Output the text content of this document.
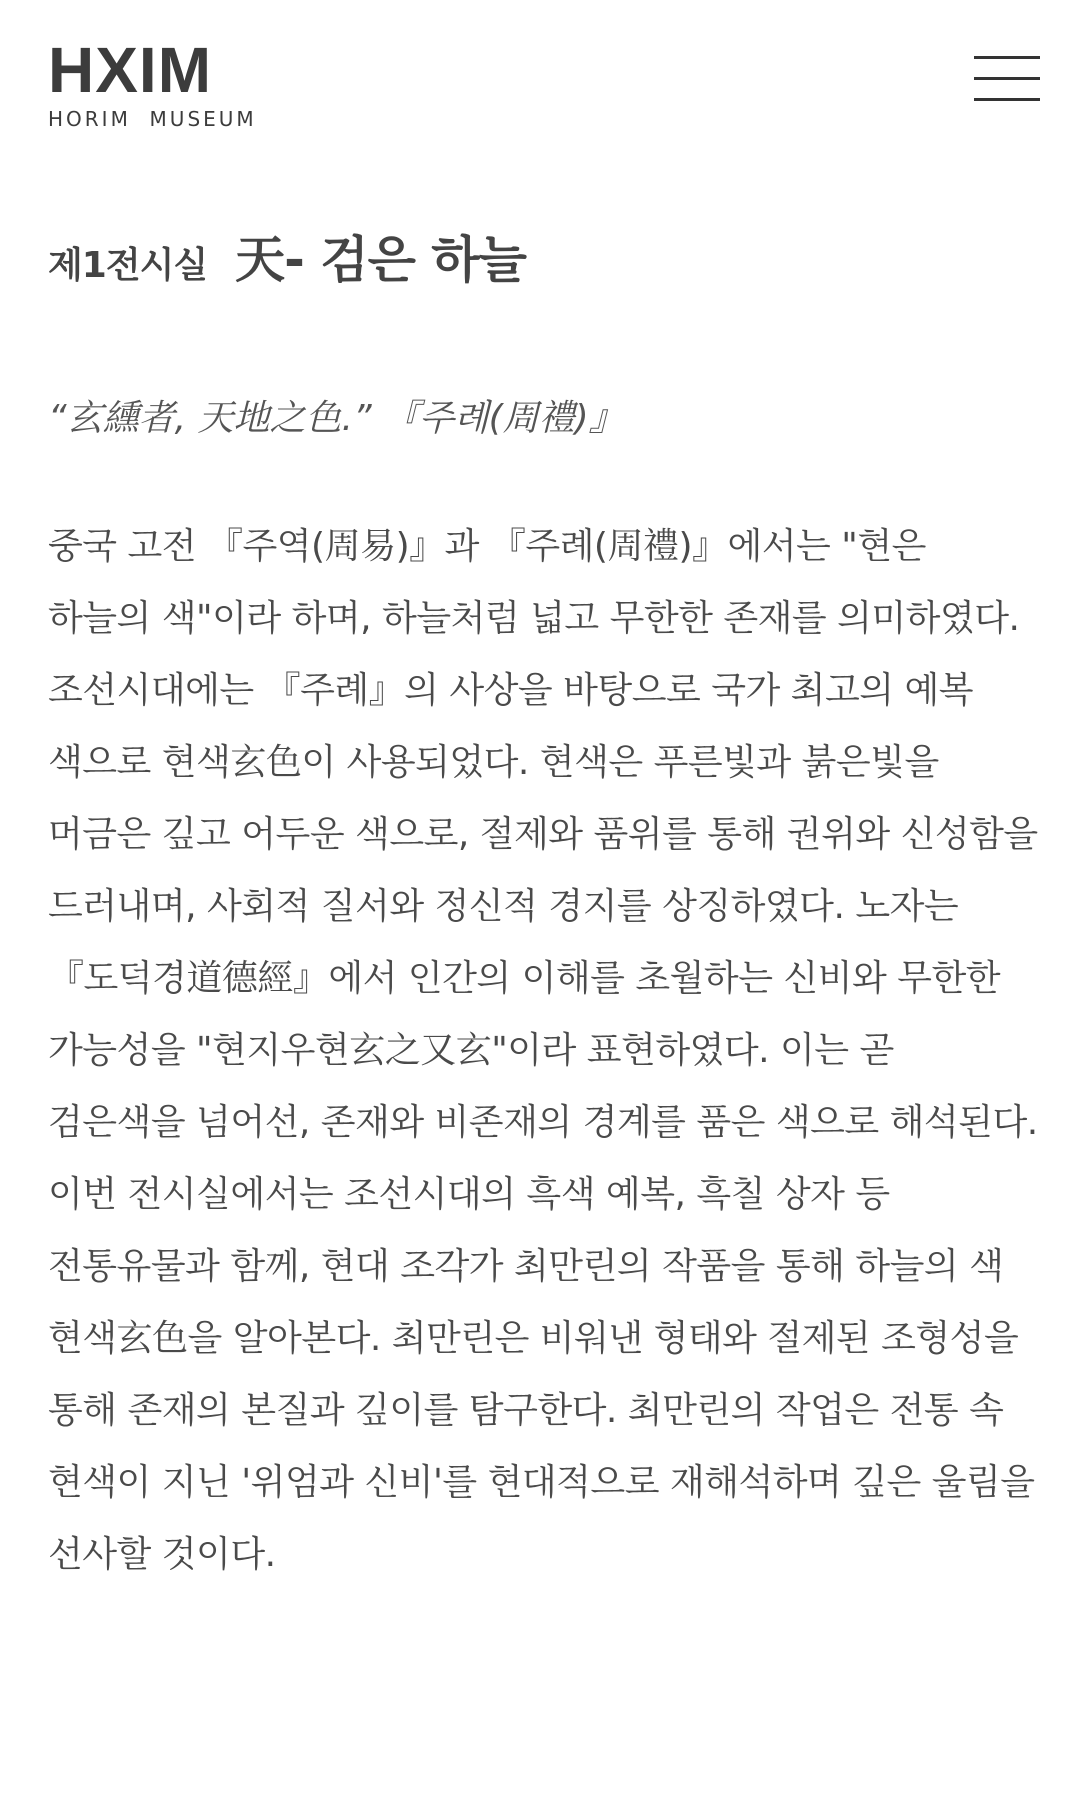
HXIM
HORIM  MUSEUM
제1전시실 天- 검은 하늘

“玄纁者, 天地之色.” 『주례(周禮)』

중국 고전 『주역(周易)』과 『주례(周禮)』에서는 "현은 하늘의 색"이라 하며, 하늘처럼 넓고 무한한 존재를 의미하였다.

조선시대에는 『주례』의 사상을 바탕으로 국가 최고의 예복 색으로 현색玄色이 사용되었다. 현색은 푸른빛과 붉은빛을 머금은 깊고 어두운 색으로, 절제와 품위를 통해 권위와 신성함을 드러내며, 사회적 질서와 정신적 경지를 상징하였다. 노자는 『도덕경道德經』에서 인간의 이해를 초월하는 신비와 무한한 가능성을 "현지우현玄之又玄"이라 표현하였다. 이는 곧 검은색을 넘어선, 존재와 비존재의 경계를 품은 색으로 해석된다.

이번 전시실에서는 조선시대의 흑색 예복, 흑칠 상자 등 전통유물과 함께, 현대 조각가 최만린의 작품을 통해 하늘의 색 현색玄色을 알아본다. 최만린은 비워낸 형태와 절제된 조형성을 통해 존재의 본질과 깊이를 탐구한다. 최만린의 작업은 전통 속 현색이 지닌 '위엄과 신비'를 현대적으로 재해석하며 깊은 울림을 선사할 것이다.
